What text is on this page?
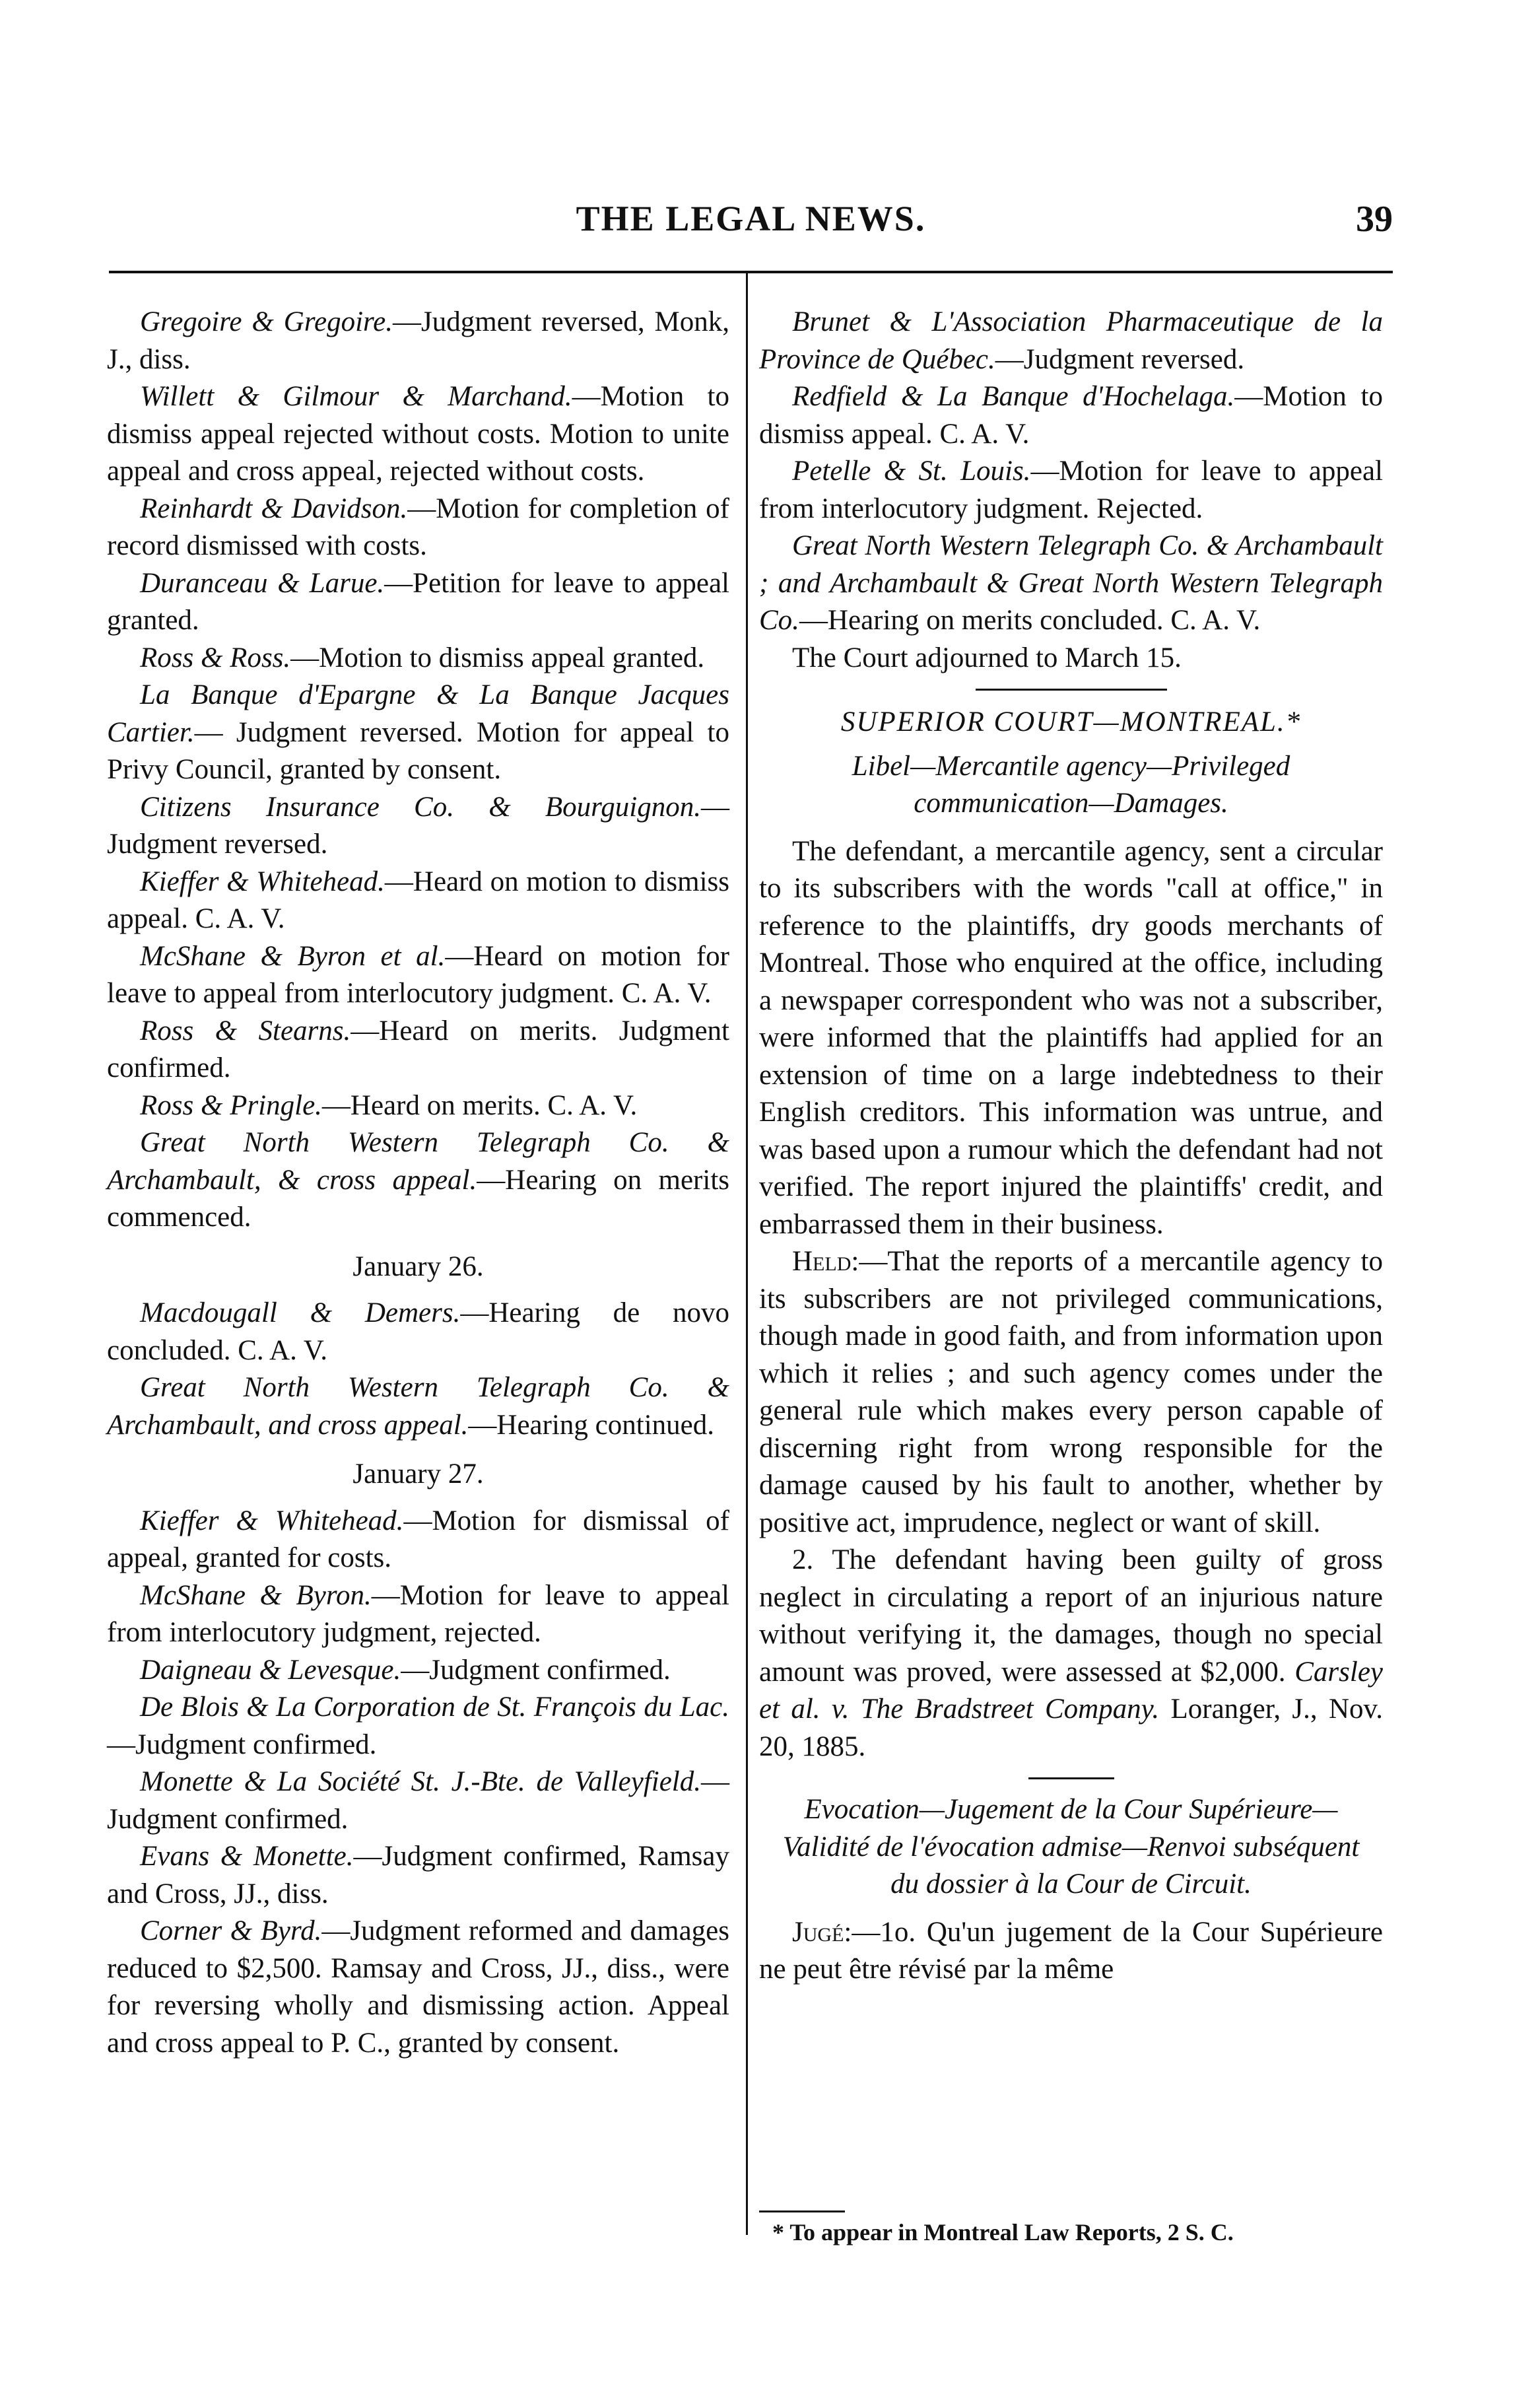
THE LEGAL NEWS.	39

Gregoire & Gregoire.—Judgment reversed, Monk, J., diss.

Willett & Gilmour & Marchand.—Motion to dismiss appeal rejected without costs. Motion to unite appeal and cross appeal, rejected without costs.

Reinhardt & Davidson.—Motion for completion of record dismissed with costs.

Duranceau & Larue.—Petition for leave to appeal granted.

Ross & Ross.—Motion to dismiss appeal granted.

La Banque d'Epargne & La Banque Jacques Cartier.— Judgment reversed. Motion for appeal to Privy Council, granted by consent.

Citizens Insurance Co. & Bourguignon.— Judgment reversed.

Kieffer & Whitehead.—Heard on motion to dismiss appeal. C. A. V.

McShane & Byron et al.—Heard on motion for leave to appeal from interlocutory judgment. C. A. V.

Ross & Stearns.—Heard on merits. Judgment confirmed.

Ross & Pringle.—Heard on merits. C. A. V.

Great North Western Telegraph Co. & Archambault, & cross appeal.—Hearing on merits commenced.

January 26.

Macdougall & Demers.—Hearing de novo concluded. C. A. V.

Great North Western Telegraph Co. & Archambault, and cross appeal.—Hearing continued.

January 27.

Kieffer & Whitehead.—Motion for dismissal of appeal, granted for costs.

McShane & Byron.—Motion for leave to appeal from interlocutory judgment, rejected.

Daigneau & Levesque.—Judgment confirmed.

De Blois & La Corporation de St. François du Lac.—Judgment confirmed.

Monette & La Société St. J.-Bte. de Valleyfield.—Judgment confirmed.

Evans & Monette.—Judgment confirmed, Ramsay and Cross, JJ., diss.

Corner & Byrd.—Judgment reformed and damages reduced to $2,500. Ramsay and Cross, JJ., diss., were for reversing wholly and dismissing action. Appeal and cross appeal to P. C., granted by consent.

Brunet & L'Association Pharmaceutique de la Province de Québec.—Judgment reversed.

Redfield & La Banque d'Hochelaga.—Motion to dismiss appeal. C. A. V.

Petelle & St. Louis.—Motion for leave to appeal from interlocutory judgment. Rejected.

Great North Western Telegraph Co. & Archambault ; and Archambault & Great North Western Telegraph Co.—Hearing on merits concluded. C. A. V.

The Court adjourned to March 15.

SUPERIOR COURT—MONTREAL.*
Libel—Mercantile agency—Privileged communication—Damages.

The defendant, a mercantile agency, sent a circular to its subscribers with the words "call at office," in reference to the plaintiffs, dry goods merchants of Montreal. Those who enquired at the office, including a newspaper correspondent who was not a subscriber, were informed that the plaintiffs had applied for an extension of time on a large indebtedness to their English creditors. This information was untrue, and was based upon a rumour which the defendant had not verified. The report injured the plaintiffs' credit, and embarrassed them in their business.

Held:—That the reports of a mercantile agency to its subscribers are not privileged communications, though made in good faith, and from information upon which it relies ; and such agency comes under the general rule which makes every person capable of discerning right from wrong responsible for the damage caused by his fault to another, whether by positive act, imprudence, neglect or want of skill.

2. The defendant having been guilty of gross neglect in circulating a report of an injurious nature without verifying it, the damages, though no special amount was proved, were assessed at $2,000. Carsley et al. v. The Bradstreet Company. Loranger, J., Nov. 20, 1885.

Evocation—Jugement de la Cour Supérieure—Validité de l'évocation admise—Renvoi subséquent du dossier à la Cour de Circuit.

Jugé:—1o. Qu'un jugement de la Cour Supérieure ne peut être révisé par la même

* To appear in Montreal Law Reports, 2 S. C.
